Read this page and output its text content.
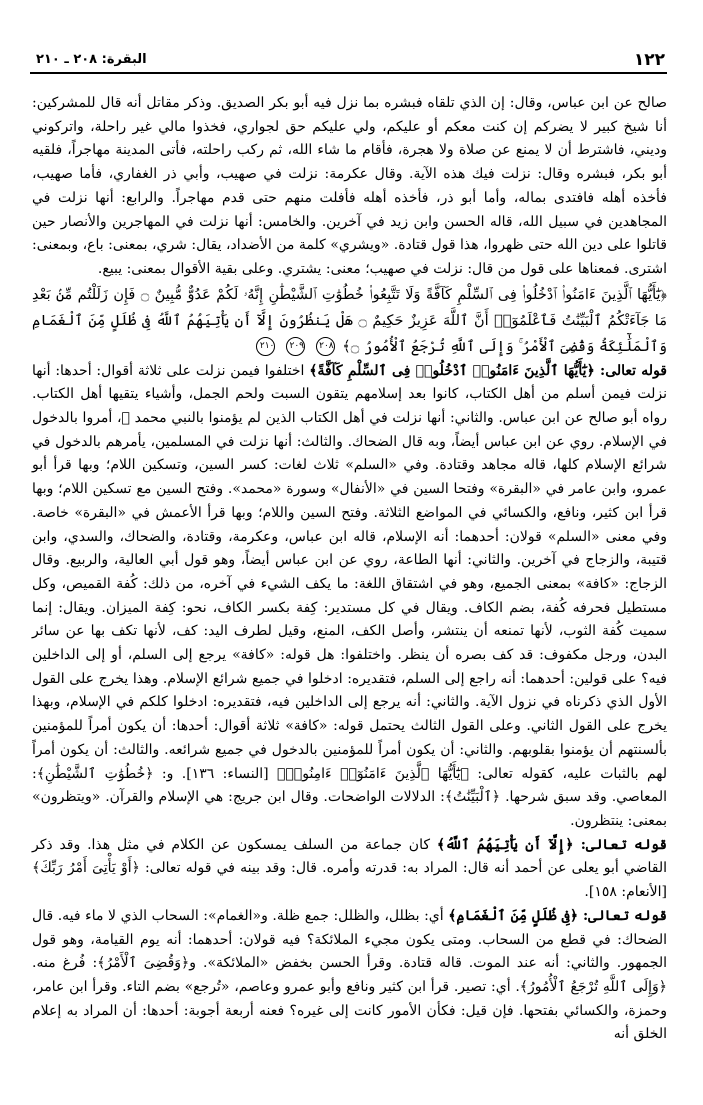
١٢٢
البقرة: ٢٠٨ ـ ٢١٠

صالح عن ابن عباس، وقال: إن الذي تلقاه فبشره بما نزل فيه أبو بكر الصديق. وذكر مقاتل أنه قال للمشركين: أنا شيخ كبير لا يضركم إن كنت معكم أو عليكم، ولي عليكم حق لجواري، فخذوا مالي غير راحلة، واتركوني وديني، فاشترط أن لا يمنع عن صلاة ولا هجرة، فأقام ما شاء الله، ثم ركب راحلته، فأتى المدينة مهاجراً، فلقيه أبو بكر، فبشره وقال: نزلت فيك هذه الآية. وقال عكرمة: نزلت في صهيب، وأبي ذر الغفاري، فأما صهيب، فأخذه أهله فافتدى بماله، وأما أبو ذر، فأخذه أهله فأفلت منهم حتى قدم مهاجراً. والرابع: أنها نزلت في المجاهدين في سبيل الله، قاله الحسن وابن زيد في آخرين. والخامس: أنها نزلت في المهاجرين والأنصار حين قاتلوا على دين الله حتى ظهروا، هذا قول قتادة. «ويشري» كلمة من الأضداد، يقال: شري، بمعنى: باع، وبمعنى: اشترى. فمعناها على قول من قال: نزلت في صهيب؛ معنى: يشتري. وعلى بقية الأقوال بمعنى: يبيع.

﴿يَٰٓأَيُّهَا ٱلَّذِينَ ءَامَنُوا۟ ٱدْخُلُوا۟ فِى ٱلسِّلْمِ كَآفَّةً وَلَا تَتَّبِعُوا۟ خُطُوَٰتِ ٱلشَّيْطَٰنِ إِنَّهُۥ لَكُمْ عَدُوٌّ مُّبِينٌ ۝ فَإِن زَلَلْتُم مِّنۢ بَعْدِ مَا جَآءَتْكُمُ ٱلْبَيِّنَٰتُ فَٱعْلَمُوٓا۟ أَنَّ ٱللَّهَ عَزِيزٌ حَكِيمٌ ۝ هَلْ يَنظُرُونَ إِلَّآ أَن يَأْتِيَهُمُ ٱللَّهُ فِى ظُلَلٍ مِّنَ ٱلْغَمَامِ وَٱلْمَلَٰٓئِكَةُ وَقُضِىَ ٱلْأَمْرُ ۚ وَإِلَى ٱللَّهِ تُرْجَعُ ٱلْأُمُورُ ۝﴾ ٢٠٨ ٢٠٩ ٢١٠

قوله تعالى: ﴿يَٰٓأَيُّهَا ٱلَّذِينَ ءَامَنُوا۟ ٱدْخُلُوا۟ فِى ٱلسِّلْمِ كَآفَّةً﴾ اختلفوا فيمن نزلت على ثلاثة أقوال: أحدها: أنها نزلت فيمن أسلم من أهل الكتاب، كانوا بعد إسلامهم يتقون السبت ولحم الجمل، وأشياء يتقيها أهل الكتاب. رواه أبو صالح عن ابن عباس. والثاني: أنها نزلت في أهل الكتاب الذين لم يؤمنوا بالنبي محمد ﷺ، أمروا بالدخول في الإسلام. روي عن ابن عباس أيضاً، وبه قال الضحاك. والثالث: أنها نزلت في المسلمين، يأمرهم بالدخول في شرائع الإسلام كلها، قاله مجاهد وقتادة. وفي «السلم» ثلاث لغات: كسر السين، وتسكين اللام؛ وبها قرأ أبو عمرو، وابن عامر في «البقرة» وفتحا السين في «الأنفال» وسورة «محمد». وفتح السين مع تسكين اللام؛ وبها قرأ ابن كثير، ونافع، والكسائي في المواضع الثلاثة. وفتح السين واللام؛ وبها قرأ الأعمش في «البقرة» خاصة. وفي معنى «السلم» قولان: أحدهما: أنه الإسلام، قاله ابن عباس، وعكرمة، وقتادة، والضحاك، والسدي، وابن قتيبة، والزجاج في آخرين. والثاني: أنها الطاعة، روي عن ابن عباس أيضاً، وهو قول أبي العالية، والربيع. وقال الزجاج: «كافة» بمعنى الجميع، وهو في اشتقاق اللغة: ما يكف الشيء في آخره، من ذلك: كُفة القميص، وكل مستطيل فحرفه كُفة، بضم الكاف. ويقال في كل مستدير: كِفة بكسر الكاف، نحو: كِفة الميزان. ويقال: إنما سميت كُفة الثوب، لأنها تمنعه أن ينتشر، وأصل الكف، المنع، وقيل لطرف اليد: كف، لأنها تكف بها عن سائر البدن، ورجل مكفوف: قد كف بصره أن ينظر. واختلفوا: هل قوله: «كافة» يرجع إلى السلم، أو إلى الداخلين فيه؟ على قولين: أحدهما: أنه راجع إلى السلم، فتقديره: ادخلوا في جميع شرائع الإسلام. وهذا يخرج على القول الأول الذي ذكرناه في نزول الآية. والثاني: أنه يرجع إلى الداخلين فيه، فتقديره: ادخلوا كلكم في الإسلام، وبهذا يخرج على القول الثاني. وعلى القول الثالث يحتمل قوله: «كافة» ثلاثة أقوال: أحدها: أن يكون أمراً للمؤمنين بألسنتهم أن يؤمنوا بقلوبهم. والثاني: أن يكون أمراً للمؤمنين بالدخول في جميع شرائعه. والثالث: أن يكون أمراً لهم بالثبات عليه، كقوله تعالى: ﴿يَٰٓأَيُّهَا ٱلَّذِينَ ءَامَنُوٓا۟ ءَامِنُوا۟﴾ [النساء: ١٣٦]. و: ﴿خُطُوَٰتِ ٱلشَّيْطَٰنِ﴾: المعاصي. وقد سبق شرحها. ﴿ٱلْبَيِّنَٰتُ﴾: الدلالات الواضحات. وقال ابن جريج: هي الإسلام والقرآن. «ويتظرون» بمعنى: ينتظرون.

قوله تعالى: ﴿إِلَّآ أَن يَأْتِيَهُمُ ٱللَّهُ﴾ كان جماعة من السلف يمسكون عن الكلام في مثل هذا. وقد ذكر القاضي أبو يعلى عن أحمد أنه قال: المراد به: قدرته وأمره. قال: وقد بينه في قوله تعالى: ﴿أَوْ يَأْتِىَ أَمْرُ رَبِّكَ﴾ [الأنعام: ١٥٨].

قوله تعالى: ﴿فِى ظُلَلٍ مِّنَ ٱلْغَمَامِ﴾ أي: بظلل، والظلل: جمع ظلة. و«الغمام»: السحاب الذي لا ماء فيه. قال الضحاك: في قطع من السحاب. ومتى يكون مجيء الملائكة؟ فيه قولان: أحدهما: أنه يوم القيامة، وهو قول الجمهور. والثاني: أنه عند الموت. قاله قتادة. وقرأ الحسن بخفض «الملائكة». و﴿وَقُضِىَ ٱلْأَمْرُ﴾: فُرغ منه. ﴿وَإِلَى ٱللَّهِ تُرْجَعُ ٱلْأُمُورُ﴾. أي: تصير. قرأ ابن كثير ونافع وأبو عمرو وعاصم، «تُرجع» بضم التاء. وقرأ ابن عامر، وحمزة، والكسائي بفتحها. فإن قيل: فكأن الأمور كانت إلى غيره؟ فعنه أربعة أجوبة: أحدها: أن المراد به إعلام الخلق أنه
